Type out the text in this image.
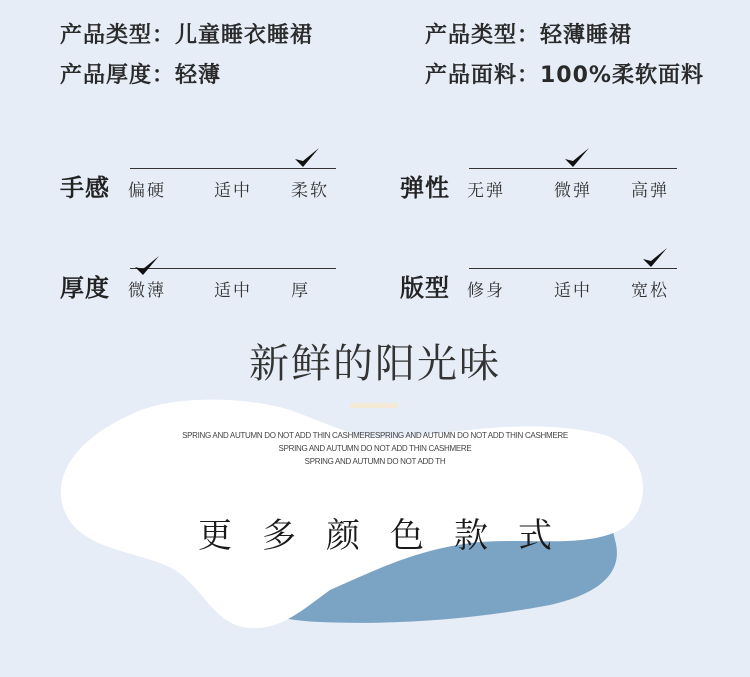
产品类型：儿童睡衣睡裙	产品类型：轻薄睡裙
产品厚度：轻薄	产品面料：100%柔软面料
手感 偏硬	适中 柔软	弹性 无弹	微弹 高弹
厚度 微薄	适中 厚	版型 修身	适中 宽松
新鲜的阳光味
SPRING AND AUTUMN DO NOT ADD THIN CASHMERESPRING AND AUTUMN DO NOT ADD THIN CASHMERE
SPRING AND AUTUMN DO NOT ADD THIN CASHMERE
SPRING AND AUTUMN DO NOT ADD TH
更多颜色款式
